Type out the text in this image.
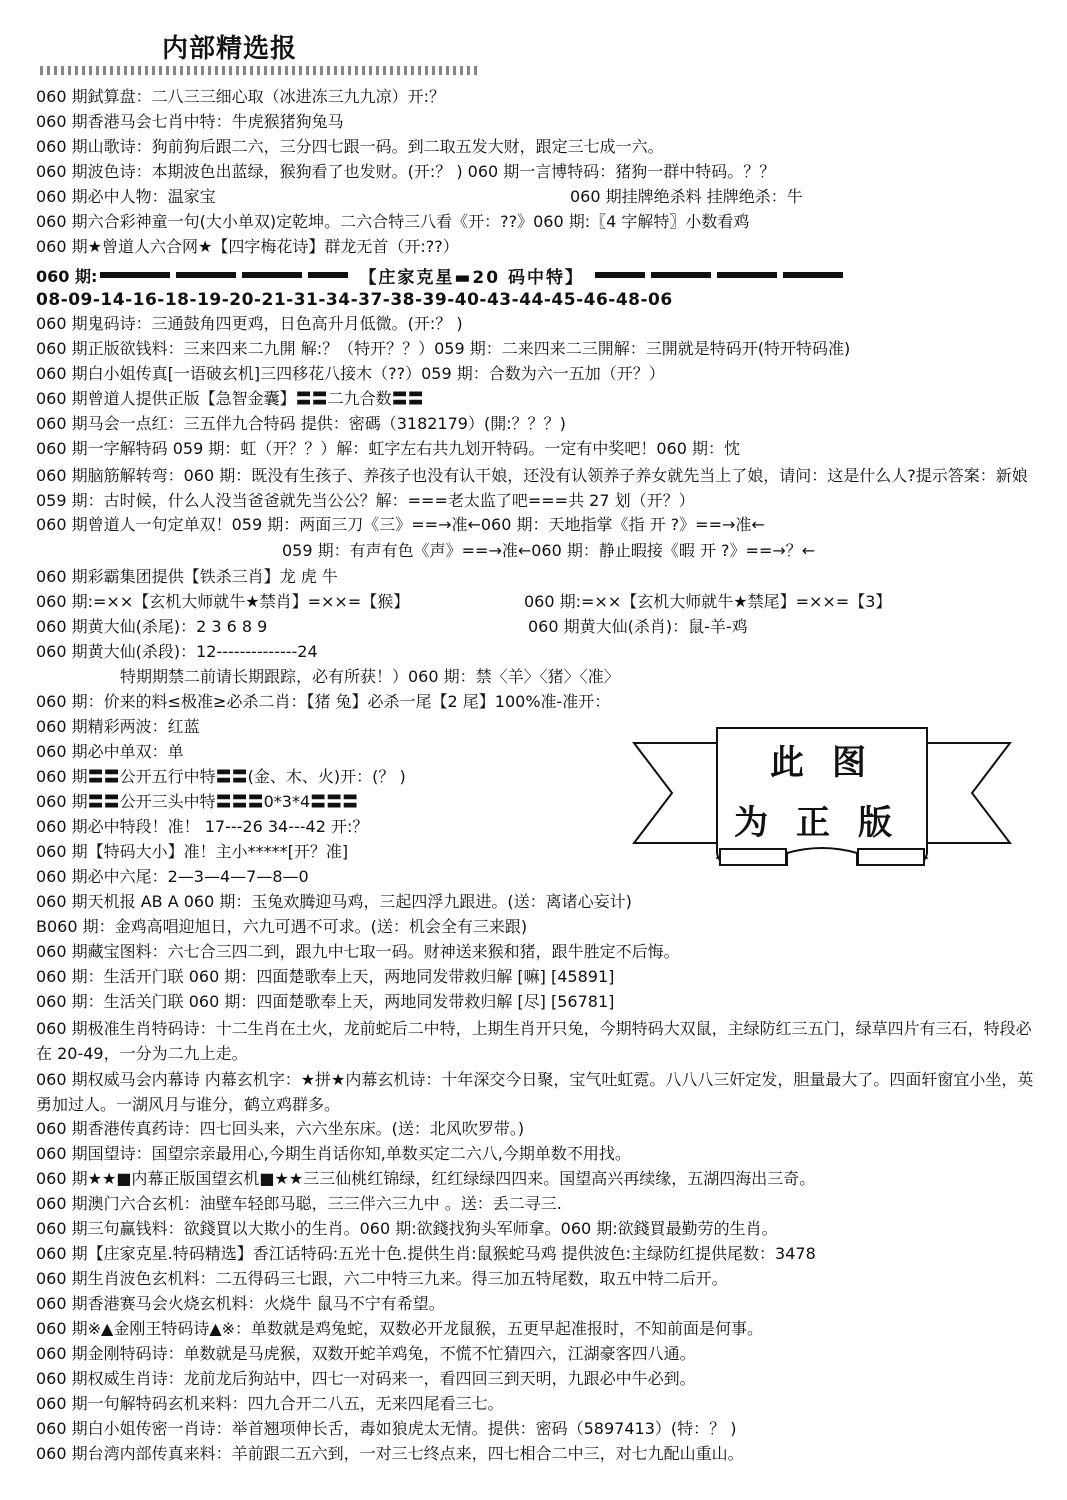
内部精选报
060 期鉽算盘：二八三三细心取（冰进冻三九九凉）开:？
060 期香港马会七肖中特：牛虎猴猪狗兔马
060 期山歌诗：狗前狗后跟二六，三分四七跟一码。到二取五发大财，跟定三七成一六。
060 期波色诗：本期波色出蓝绿，猴狗看了也发财。(开:？ ) 060 期一言博特码：猪狗一群中特码。？？
060 期必中人物：温家宝	060 期挂牌绝杀料 挂牌绝杀：牛
060 期六合彩神童一句(大小单双)定乾坤。二六合特三八看《开：??》060 期:〖4 字解特〗小数看鸡
060 期★曾道人六合网★【四字梅花诗】群龙无首（开:??）
060 期:	【庄家克星▬20 码中特】
08-09-14-16-18-19-20-21-31-34-37-38-39-40-43-44-45-46-48-06
060 期鬼码诗：三通鼓角四更鸡，日色高升月低微。(开:？ )
060 期正版欲钱料：三来四来二九開 解:？（特开？？）059 期：二来四来二三開解：三開就是特码开(特开特码准)
060 期白小姐传真[一语破玄机]三四移花八接木（??）059 期：合数为六一五加（开？）
060 期曾道人提供正版【急智金囊】〓〓二九合数〓〓
060 期马会一点红：三五伴九合特码 提供：密碼（3182179）(開:？？？)
060 期一字解特码 059 期：虹（开？？）解：虹字左右共九划开特码。一定有中奖吧！060 期：忱
060 期脑筋解转弯：060 期：既没有生孩子、养孩子也没有认干娘，还没有认领养子养女就先当上了娘，请问：这是什么人?提示答案：新娘 059 期：古时候，什么人没当爸爸就先当公公？解：===老太监了吧===共 27 划（开？）
060 期曾道人一句定单双！059 期：两面三刀《三》==→准←060 期：天地指掌《指 开 ?》==→准←
059 期：有声有色《声》==→准←060 期：静止暇接《暇 开 ?》==→？←
060 期彩霸集团提供【铁杀三肖】龙 虎 牛
060 期:=××【玄机大师就牛★禁肖】=××=【猴】	060 期:=××【玄机大师就牛★禁尾】=××=【3】
060 期黄大仙(杀尾)：2 3 6 8 9	060 期黄大仙(杀肖)：鼠-羊-鸡
060 期黄大仙(杀段)：12--------------24
特期期禁二前请长期跟踪，必有所获！）060 期：禁〈羊〉〈猪〉〈准〉
060 期：价来的料≤极准≥必杀二肖：【猪 兔】必杀一尾【2 尾】100%准-准开：
060 期精彩两波：红蓝
060 期必中单双：单
060 期〓〓公开五行中特〓〓(金、木、火)开：(？ )
060 期〓〓公开三头中特〓〓〓0*3*4〓〓〓
060 期必中特段！准！ 17---26 34---42 开:？
060 期【特码大小】准！主小*****[开？准]
060 期必中六尾：2—3—4—7—8—0
060 期天机报 AB A 060 期：玉兔欢腾迎马鸡，三起四浮九跟进。(送：离诸心妄计)
B060 期：金鸡高唱迎旭日，六九可遇不可求。(送：机会全有三来跟)
060 期藏宝图料：六七合三四二到，跟九中七取一码。财神送来猴和猪，跟牛胜定不后悔。
060 期：生活开门联 060 期：四面楚歌奉上天，两地同发带救归解 [嘛] [45891]
060 期：生活关门联 060 期：四面楚歌奉上天，两地同发带救归解 [尽] [56781]
060 期极准生肖特码诗：十二生肖在土火，龙前蛇后二中特，上期生肖开只兔，今期特码大双鼠，主绿防红三五门，绿草四片有三石，特段必在 20-49，一分为二九上走。
060 期权威马会内幕诗 内幕玄机字：★拼★内幕玄机诗：十年深交今日聚，宝气吐虹霓。八八八三奸定发，胆量最大了。四面轩窗宜小坐，英勇加过人。一湖风月与谁分，鹤立鸡群多。
060 期香港传真药诗：四七回头来，六六坐东床。(送：北风吹罗带。)
060 期国望诗：国望宗亲最用心,今期生肖话你知,单数买定二六八,今期单数不用找。
060 期★★■内幕正版国望玄机■★★三三仙桃红锦绿，红红绿绿四四来。国望高兴再续缘，五湖四海出三奇。
060 期澳门六合玄机：油壁车轻郎马聪，三三伴六三九中 。送：丢二寻三.
060 期三句赢钱料：欲錢買以大欺小的生肖。060 期:欲錢找狗头军师拿。060 期:欲錢買最勤劳的生肖。
060 期【庄家克星.特码精选】香江话特码:五光十色.提供生肖:鼠猴蛇马鸡 提供波色:主绿防红提供尾数：3478
060 期生肖波色玄机料：二五得码三七跟，六二中特三九来。得三加五特尾数，取五中特二后开。
060 期香港赛马会火烧玄机料：火烧牛 鼠马不宁有希望。
060 期※▲金刚王特码诗▲※：单数就是鸡兔蛇，双数必开龙鼠猴，五更早起准报时，不知前面是何事。
060 期金刚特码诗：单数就是马虎猴，双数开蛇羊鸡兔，不慌不忙猜四六，江湖豪客四八通。
060 期权威生肖诗：龙前龙后狗站中，四七一对码来一，看四回三到天明，九跟必中牛必到。
060 期一句解特码玄机来料：四九合开二八五，无来四尾看三七。
060 期白小姐传密一肖诗：举首翘项伸长舌，毒如狼虎太无情。提供：密码（5897413）(特：？ )
060 期台湾内部传真来料：羊前跟二五六到，一对三七终点来，四七相合二中三，对七九配山重山。
此图
为正版
